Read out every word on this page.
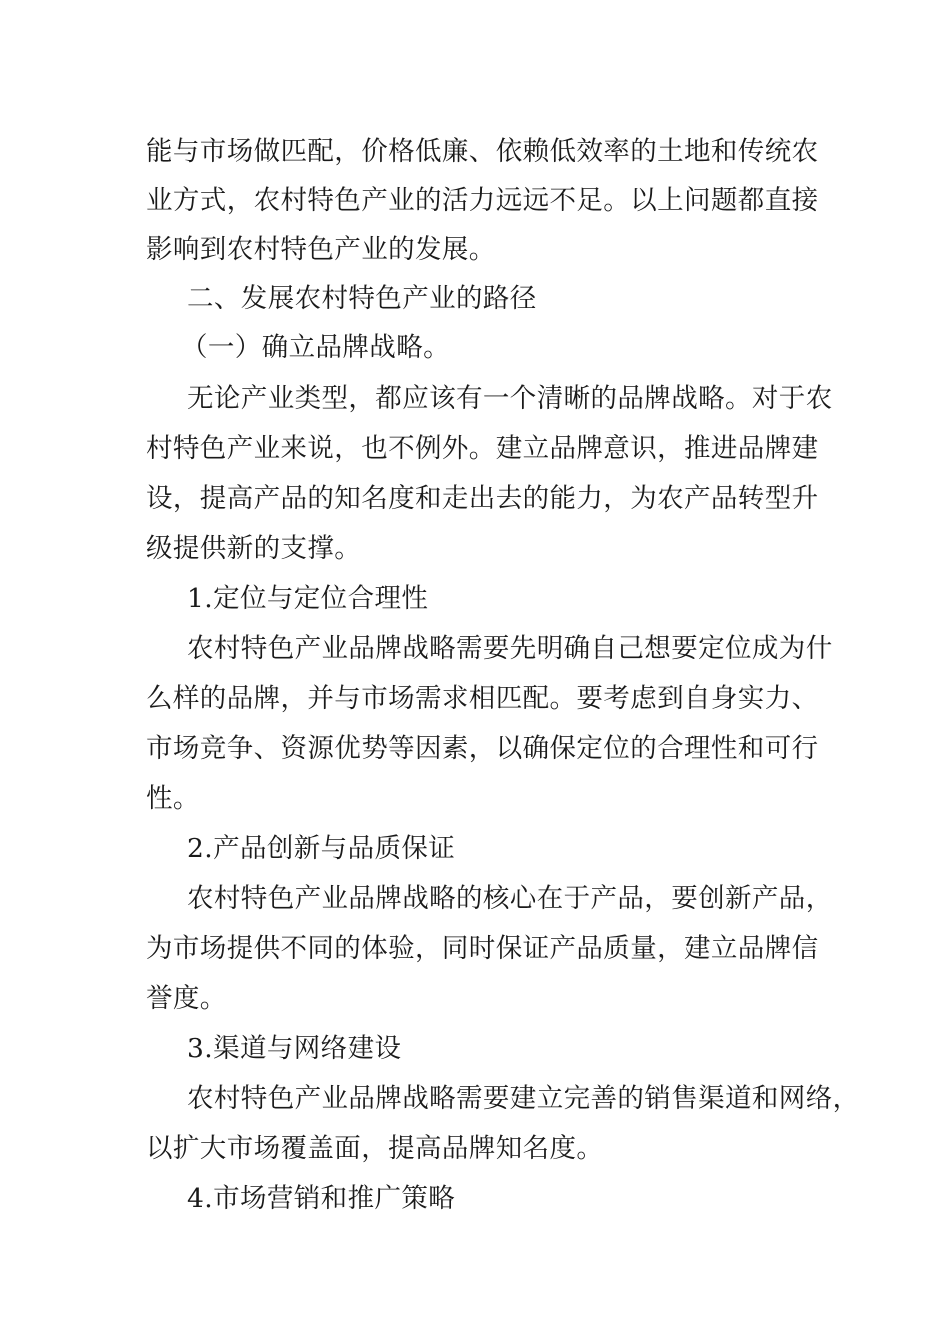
能与市场做匹配，价格低廉、依赖低效率的土地和传统农
业方式，农村特色产业的活力远远不足。以上问题都直接
影响到农村特色产业的发展。
二、发展农村特色产业的路径
（一）确立品牌战略。
无论产业类型，都应该有一个清晰的品牌战略。对于农
村特色产业来说，也不例外。建立品牌意识，推进品牌建
设，提高产品的知名度和走出去的能力，为农产品转型升
级提供新的支撑。
1.定位与定位合理性
农村特色产业品牌战略需要先明确自己想要定位成为什
么样的品牌，并与市场需求相匹配。要考虑到自身实力、
市场竞争、资源优势等因素，以确保定位的合理性和可行
性。
2.产品创新与品质保证
农村特色产业品牌战略的核心在于产品，要创新产品，
为市场提供不同的体验，同时保证产品质量，建立品牌信
誉度。
3.渠道与网络建设
农村特色产业品牌战略需要建立完善的销售渠道和网络，
以扩大市场覆盖面，提高品牌知名度。
4.市场营销和推广策略
